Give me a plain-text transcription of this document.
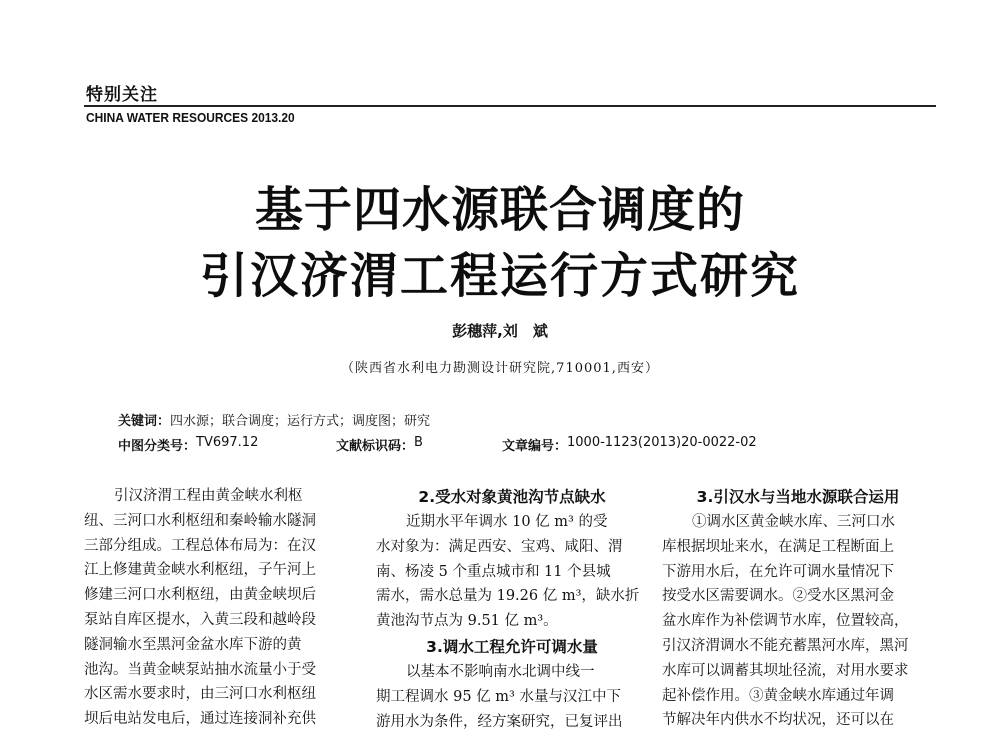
特别关注
CHINA WATER RESOURCES 2013.20
基于四水源联合调度的
引汉济渭工程运行方式研究
彭穗萍,刘　斌
（陕西省水利电力勘测设计研究院,710001,西安）
关键词：四水源；联合调度；运行方式；调度图；研究
中图分类号： TV697.12	文献标识码： B	文章编号： 1000-1123(2013)20-0022-02

引汉济渭工程由黄金峡水利枢

纽、三河口水利枢纽和秦岭输水隧洞

三部分组成。工程总体布局为：在汉

江上修建黄金峡水利枢纽，子午河上

修建三河口水利枢纽，由黄金峡坝后

泵站自库区提水，入黄三段和越岭段

隧洞输水至黑河金盆水库下游的黄

池沟。当黄金峡泵站抽水流量小于受

水区需水要求时，由三河口水利枢纽

坝后电站发电后，通过连接洞补充供

2.受水对象黄池沟节点缺水

近期水平年调水 10 亿 m³ 的受

水对象为：满足西安、宝鸡、咸阳、渭

南、杨凌 5 个重点城市和 11 个县城

需水，需水总量为 19.26 亿 m³，缺水折

黄池沟节点为 9.51 亿 m³。

3.调水工程允许可调水量

以基本不影响南水北调中线一

期工程调水 95 亿 m³ 水量与汉江中下

游用水为条件，经方案研究，已复评出

3.引汉水与当地水源联合运用

①调水区黄金峡水库、三河口水

库根据坝址来水，在满足工程断面上

下游用水后，在允许可调水量情况下

按受水区需要调水。②受水区黑河金

盆水库作为补偿调节水库，位置较高，

引汉济渭调水不能充蓄黑河水库，黑河

水库可以调蓄其坝址径流，对用水要求

起补偿作用。③黄金峡水库通过年调

节解决年内供水不均状况，还可以在
